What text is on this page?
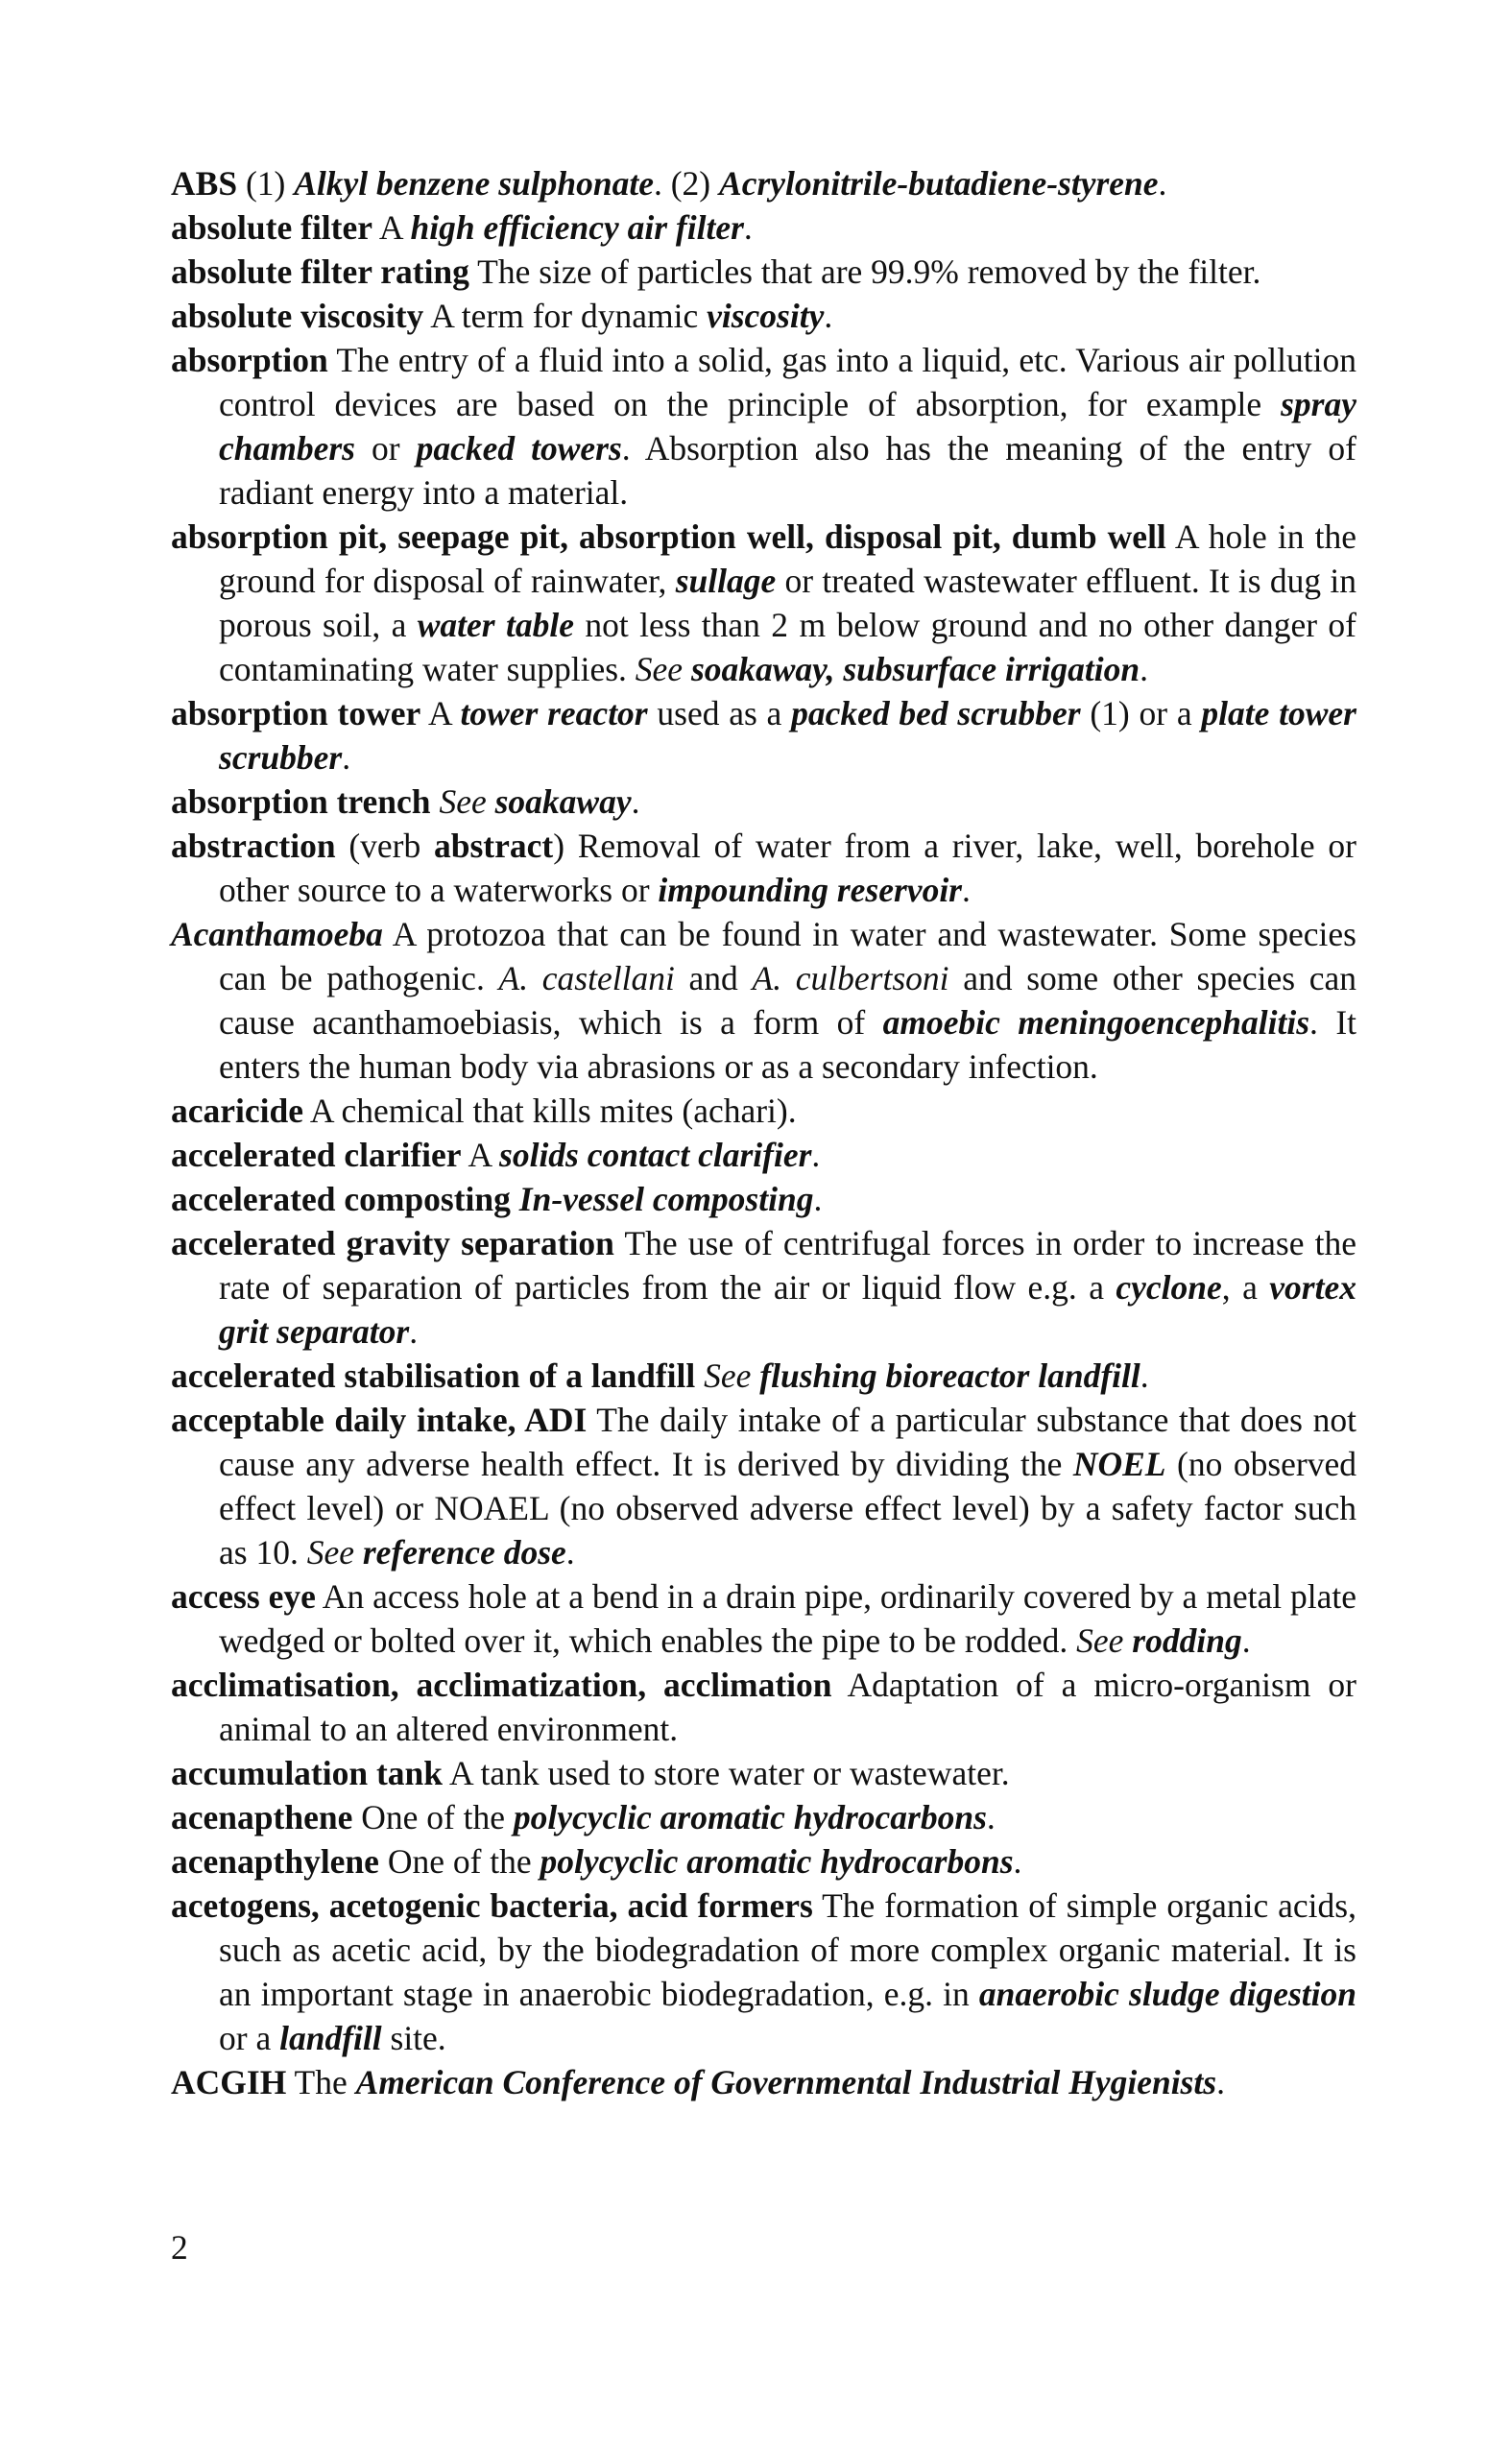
ABS (1) Alkyl benzene sulphonate. (2) Acrylonitrile-butadiene-styrene.

absolute filter A high efficiency air filter.

absolute filter rating The size of particles that are 99.9% removed by the filter.

absolute viscosity A term for dynamic viscosity.

absorption The entry of a fluid into a solid, gas into a liquid, etc. Various air pollution control devices are based on the principle of absorption, for example spray chambers or packed towers. Absorption also has the meaning of the entry of radiant energy into a material.

absorption pit, seepage pit, absorption well, disposal pit, dumb well A hole in the ground for disposal of rainwater, sullage or treated wastewater effluent. It is dug in porous soil, a water table not less than 2 m below ground and no other danger of contaminating water supplies. See soakaway, subsurface irrigation.

absorption tower A tower reactor used as a packed bed scrubber (1) or a plate tower scrubber.

absorption trench See soakaway.

abstraction (verb abstract) Removal of water from a river, lake, well, borehole or other source to a waterworks or impounding reservoir.

Acanthamoeba A protozoa that can be found in water and wastewater. Some species can be pathogenic. A. castellani and A. culbertsoni and some other species can cause acanthamoebiasis, which is a form of amoebic meningoencephalitis. It enters the human body via abrasions or as a secondary infection.

acaricide A chemical that kills mites (achari).

accelerated clarifier A solids contact clarifier.

accelerated composting In-vessel composting.

accelerated gravity separation The use of centrifugal forces in order to increase the rate of separation of particles from the air or liquid flow e.g. a cyclone, a vortex grit separator.

accelerated stabilisation of a landfill See flushing bioreactor landfill.

acceptable daily intake, ADI The daily intake of a particular substance that does not cause any adverse health effect. It is derived by dividing the NOEL (no observed effect level) or NOAEL (no observed adverse effect level) by a safety factor such as 10. See reference dose.

access eye An access hole at a bend in a drain pipe, ordinarily covered by a metal plate wedged or bolted over it, which enables the pipe to be rodded. See rodding.

acclimatisation, acclimatization, acclimation Adaptation of a micro-organism or animal to an altered environment.

accumulation tank A tank used to store water or wastewater.

acenapthene One of the polycyclic aromatic hydrocarbons.

acenapthylene One of the polycyclic aromatic hydrocarbons.

acetogens, acetogenic bacteria, acid formers The formation of simple organic acids, such as acetic acid, by the biodegradation of more complex organic material. It is an important stage in anaerobic biodegradation, e.g. in anaerobic sludge digestion or a landfill site.

ACGIH The American Conference of Governmental Industrial Hygienists.

2
